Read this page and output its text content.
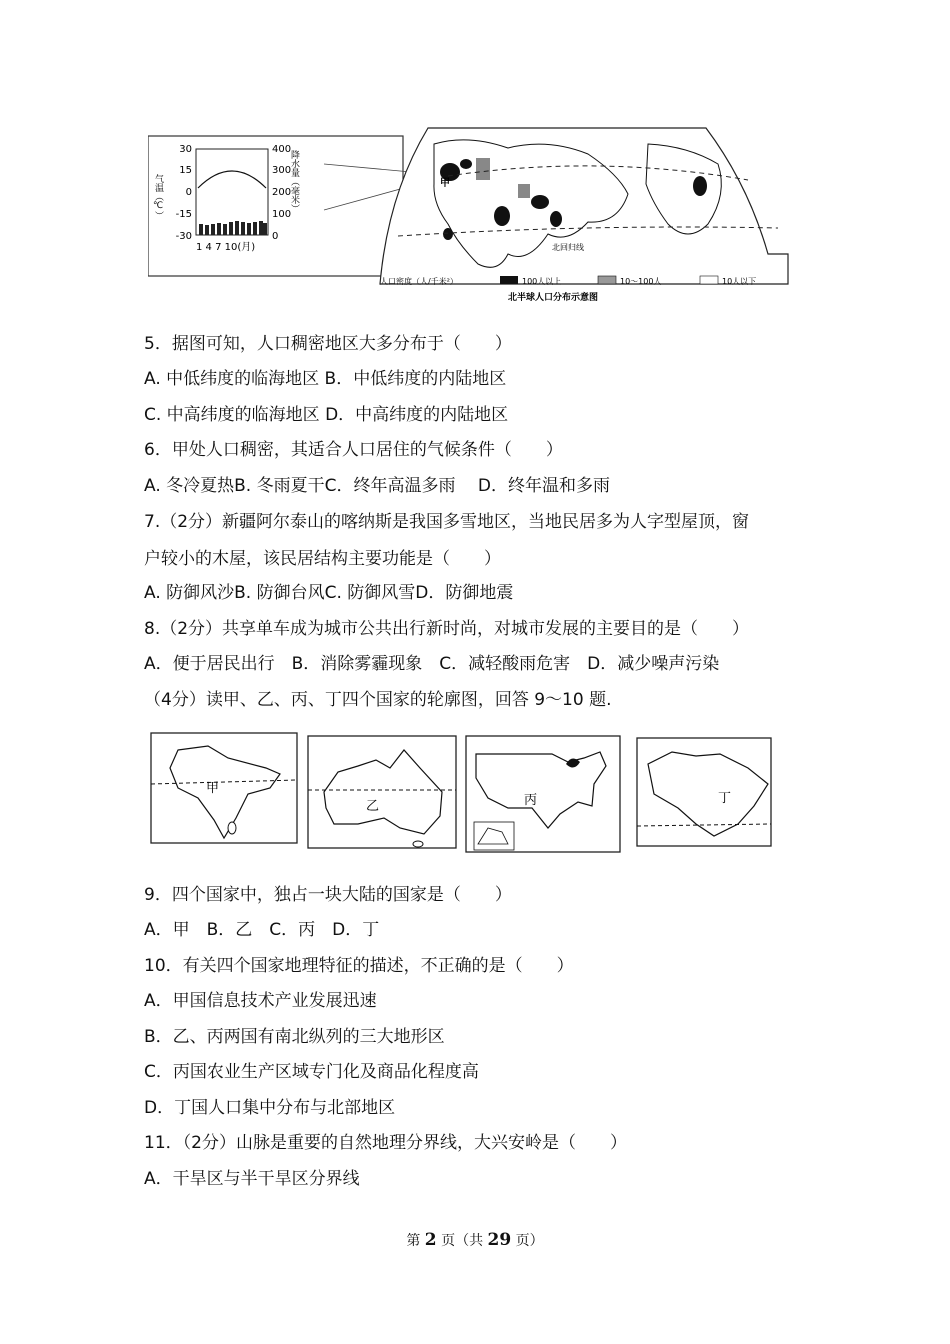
气温（℃）
30
15
0
-15
-30
400
300
200
100
0
降水量（毫米）
1 4 7 10(月)
甲
北回归线
人口密度（人/千米²）	100人以上	10～100人	10人以下
北半球人口分布示意图
5．据图可知，人口稠密地区大多分布于（　　）
A. 中低纬度的临海地区 B．中低纬度的内陆地区
C. 中高纬度的临海地区 D．中高纬度的内陆地区
6．甲处人口稠密，其适合人口居住的气候条件（　　）
A. 冬冷夏热B. 冬雨夏干C．终年高温多雨　 D．终年温和多雨
7.（2分）新疆阿尔泰山的喀纳斯是我国多雪地区，当地民居多为人字型屋顶，窗
户较小的木屋，该民居结构主要功能是（　　）
A. 防御风沙B. 防御台风C. 防御风雪D．防御地震
8.（2分）共享单车成为城市公共出行新时尚，对城市发展的主要目的是（　　）
A．便于居民出行　B．消除雾霾现象　C．减轻酸雨危害　D．减少噪声污染
（4分）读甲、乙、丙、丁四个国家的轮廓图，回答 9～10 题.
甲
乙	丙	丁
9．四个国家中，独占一块大陆的国家是（　　）
A．甲　B．乙　C．丙　D．丁
10．有关四个国家地理特征的描述，不正确的是（　　）
A．甲国信息技术产业发展迅速
B．乙、丙两国有南北纵列的三大地形区
C．丙国农业生产区域专门化及商品化程度高
D．丁国人口集中分布与北部地区
11．（2分）山脉是重要的自然地理分界线，大兴安岭是（　　）
A．干旱区与半干旱区分界线
第 2 页（共 29 页）
